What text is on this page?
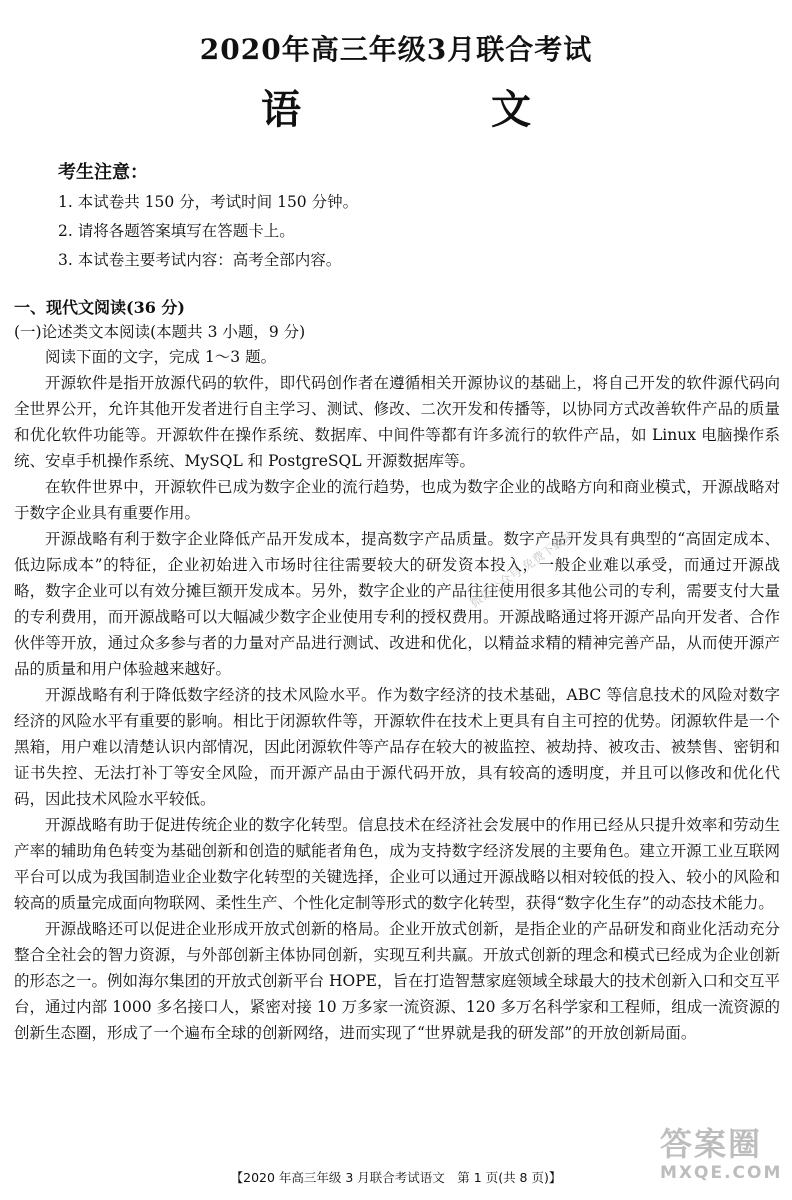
2020年高三年级3月联合考试
语 文
考生注意：
1. 本试卷共 150 分，考试时间 150 分钟。
2. 请将各题答案填写在答题卡上。
3. 本试卷主要考试内容：高考全部内容。
一、现代文阅读(36 分)
(一)论述类文本阅读(本题共 3 小题，9 分)
阅读下面的文字，完成 1～3 题。

开源软件是指开放源代码的软件，即代码创作者在遵循相关开源协议的基础上，将自己开发的软件源代码向全世界公开，允许其他开发者进行自主学习、测试、修改、二次开发和传播等，以协同方式改善软件产品的质量和优化软件功能等。开源软件在操作系统、数据库、中间件等都有许多流行的软件产品，如 Linux 电脑操作系统、安卓手机操作系统、MySQL 和 PostgreSQL 开源数据库等。

在软件世界中，开源软件已成为数字企业的流行趋势，也成为数字企业的战略方向和商业模式，开源战略对于数字企业具有重要作用。

开源战略有利于数字企业降低产品开发成本，提高数字产品质量。数字产品开发具有典型的“高固定成本、低边际成本”的特征，企业初始进入市场时往往需要较大的研发资本投入，一般企业难以承受，而通过开源战略，数字企业可以有效分摊巨额开发成本。另外，数字企业的产品往往使用很多其他公司的专利，需要支付大量的专利费用，而开源战略可以大幅减少数字企业使用专利的授权费用。开源战略通过将开源产品向开发者、合作伙伴等开放，通过众多参与者的力量对产品进行测试、改进和优化，以精益求精的精神完善产品，从而使开源产品的质量和用户体验越来越好。

开源战略有利于降低数字经济的技术风险水平。作为数字经济的技术基础，ABC 等信息技术的风险对数字经济的风险水平有重要的影响。相比于闭源软件等，开源软件在技术上更具有自主可控的优势。闭源软件是一个黑箱，用户难以清楚认识内部情况，因此闭源软件等产品存在较大的被监控、被劫持、被攻击、被禁售、密钥和证书失控、无法打补丁等安全风险，而开源产品由于源代码开放，具有较高的透明度，并且可以修改和优化代码，因此技术风险水平较低。

开源战略有助于促进传统企业的数字化转型。信息技术在经济社会发展中的作用已经从只提升效率和劳动生产率的辅助角色转变为基础创新和创造的赋能者角色，成为支持数字经济发展的主要角色。建立开源工业互联网平台可以成为我国制造业企业数字化转型的关键选择，企业可以通过开源战略以相对较低的投入、较小的风险和较高的质量完成面向物联网、柔性生产、个性化定制等形式的数字化转型，获得“数字化生存”的动态技术能力。

开源战略还可以促进企业形成开放式创新的格局。企业开放式创新，是指企业的产品研发和商业化活动充分整合全社会的智力资源，与外部创新主体协同创新，实现互利共赢。开放式创新的理念和模式已经成为企业创新的形态之一。例如海尔集团的开放式创新平台 HOPE，旨在打造智慧家庭领域全球最大的技术创新入口和交互平台，通过内部 1000 多名接口人，紧密对接 10 万多家一流资源、120 多万名科学家和工程师，组成一流资源的创新生态圈，形成了一个遍布全球的创新网络，进而实现了“世界就是我的研发部”的开放创新局面。

微信公众号 免费下载站
【2020 年高三年级 3 月联合考试语文　第 1 页(共 8 页)】
答案圈
MXQE.COM
